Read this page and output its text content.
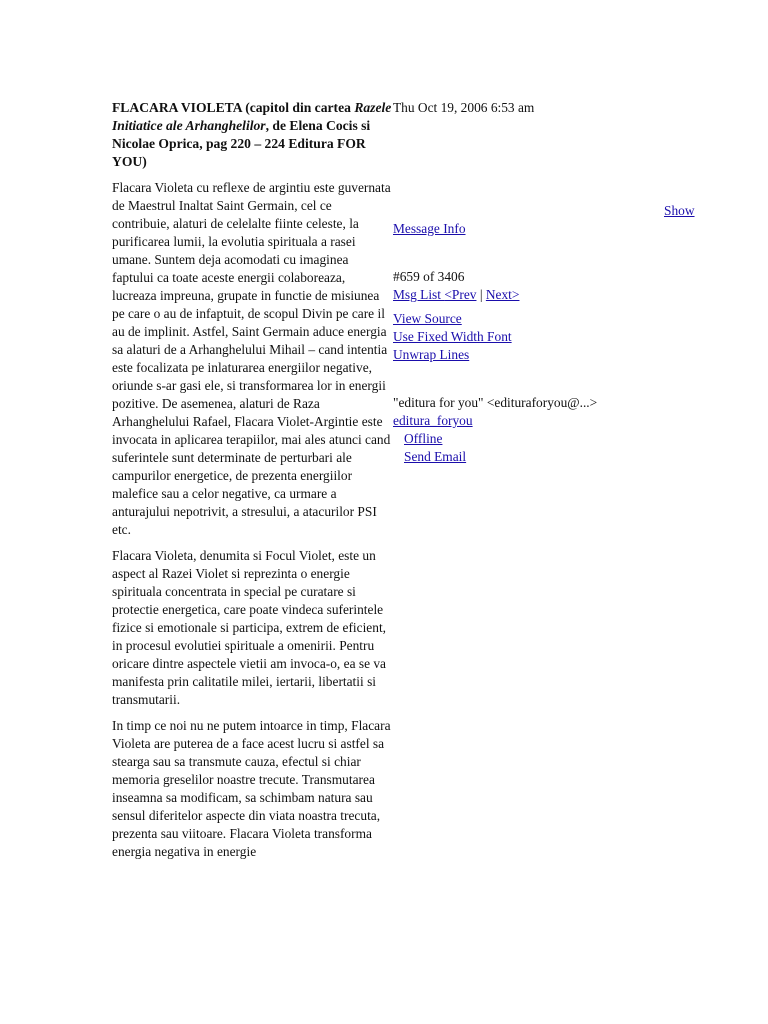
FLACARA VIOLETA (capitol din cartea Razele Initiatice ale Arhanghelilor, de Elena Cocis si Nicolae Oprica, pag 220 – 224 Editura FOR YOU)

Flacara Violeta cu reflexe de argintiu este guvernata de Maestrul Inaltat Saint Germain, cel ce contribuie, alaturi de celelalte fiinte celeste, la purificarea lumii, la evolutia spirituala a rasei umane. Suntem deja acomodati cu imaginea faptului ca toate aceste energii colaboreaza, lucreaza impreuna, grupate in functie de misiunea pe care o au de infaptuit, de scopul Divin pe care il au de implinit. Astfel, Saint Germain aduce energia sa alaturi de a Arhanghelului Mihail – cand intentia este focalizata pe inlaturarea energiilor negative, oriunde s-ar gasi ele, si transformarea lor in energii pozitive. De asemenea, alaturi de Raza Arhanghelului Rafael, Flacara Violet-Argintie este invocata in aplicarea terapiilor, mai ales atunci cand suferintele sunt determinate de perturbari ale campurilor energetice, de prezenta energiilor malefice sau a celor negative, ca urmare a anturajului nepotrivit, a stresului, a atacurilor PSI etc.

Flacara Violeta, denumita si Focul Violet, este un aspect al Razei Violet si reprezinta o energie spirituala concentrata in special pe curatare si protectie energetica, care poate vindeca suferintele fizice si emotionale si participa, extrem de eficient, in procesul evolutiei spirituale a omenirii. Pentru oricare dintre aspectele vietii am invoca-o, ea se va manifesta prin calitatile milei, iertarii, libertatii si transmutarii.

In timp ce noi nu ne putem intoarce in timp, Flacara Violeta are puterea de a face acest lucru si astfel sa stearga sau sa transmute cauza, efectul si chiar memoria greselilor noastre trecute. Transmutarea inseamna sa modificam, sa schimbam natura sau sensul diferitelor aspecte din viata noastra trecuta, prezenta sau viitoare. Flacara Violeta transforma energia negativa in energie

Thu Oct 19, 2006 6:53 am
Message Info
#659 of 3406
Msg List <Prev | Next>
View Source
Use Fixed Width Font
Unwrap Lines
"editura for you" <edituraforyou@...>
editura_foryou
Offline
Send Email
Show
